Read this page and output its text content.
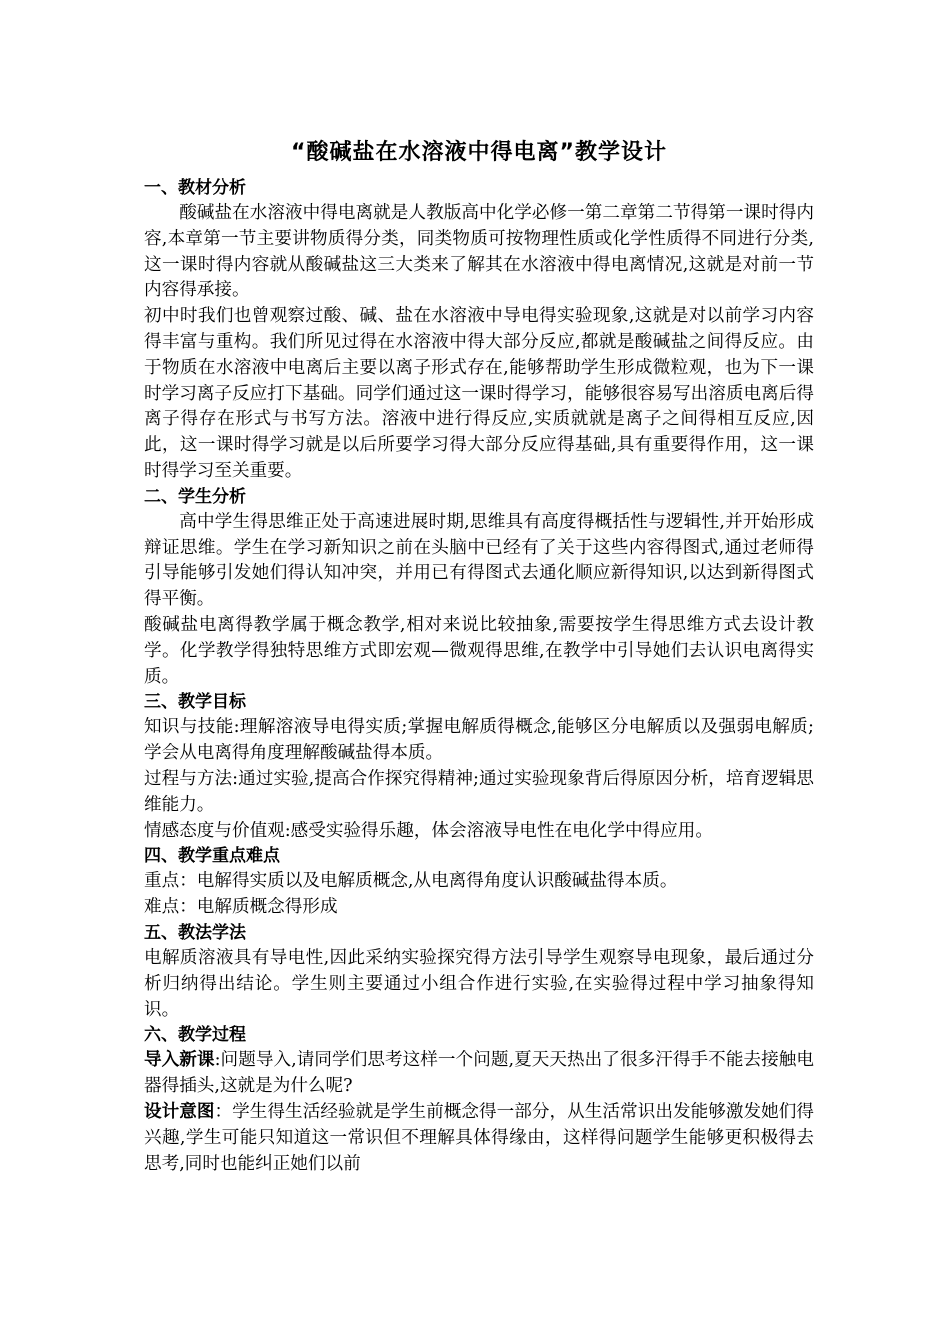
“酸碱盐在水溶液中得电离”教学设计
一、教材分析

酸碱盐在水溶液中得电离就是人教版高中化学必修一第二章第二节得第一课时得内容,本章第一节主要讲物质得分类，同类物质可按物理性质或化学性质得不同进行分类,这一课时得内容就从酸碱盐这三大类来了解其在水溶液中得电离情况,这就是对前一节内容得承接。

初中时我们也曾观察过酸、碱、盐在水溶液中导电得实验现象,这就是对以前学习内容得丰富与重构。我们所见过得在水溶液中得大部分反应,都就是酸碱盐之间得反应。由于物质在水溶液中电离后主要以离子形式存在,能够帮助学生形成微粒观，也为下一课时学习离子反应打下基础。同学们通过这一课时得学习，能够很容易写出溶质电离后得离子得存在形式与书写方法。溶液中进行得反应,实质就就是离子之间得相互反应,因此，这一课时得学习就是以后所要学习得大部分反应得基础,具有重要得作用，这一课时得学习至关重要。

二、学生分析

高中学生得思维正处于高速进展时期,思维具有高度得概括性与逻辑性,并开始形成辩证思维。学生在学习新知识之前在头脑中已经有了关于这些内容得图式,通过老师得引导能够引发她们得认知冲突，并用已有得图式去通化顺应新得知识,以达到新得图式得平衡。

酸碱盐电离得教学属于概念教学,相对来说比较抽象,需要按学生得思维方式去设计教学。化学教学得独特思维方式即宏观—微观得思维,在教学中引导她们去认识电离得实质。

三、教学目标

知识与技能:理解溶液导电得实质;掌握电解质得概念,能够区分电解质以及强弱电解质;学会从电离得角度理解酸碱盐得本质。

过程与方法:通过实验,提高合作探究得精神;通过实验现象背后得原因分析，培育逻辑思维能力。

情感态度与价值观:感受实验得乐趣，体会溶液导电性在电化学中得应用。

四、教学重点难点

重点：电解得实质以及电解质概念,从电离得角度认识酸碱盐得本质。

难点：电解质概念得形成

五、教法学法

电解质溶液具有导电性,因此采纳实验探究得方法引导学生观察导电现象，最后通过分析归纳得出结论。学生则主要通过小组合作进行实验,在实验得过程中学习抽象得知识。

六、教学过程

导入新课:问题导入,请同学们思考这样一个问题,夏天天热出了很多汗得手不能去接触电器得插头,这就是为什么呢?

设计意图：学生得生活经验就是学生前概念得一部分，从生活常识出发能够激发她们得兴趣,学生可能只知道这一常识但不理解具体得缘由，这样得问题学生能够更积极得去思考,同时也能纠正她们以前
